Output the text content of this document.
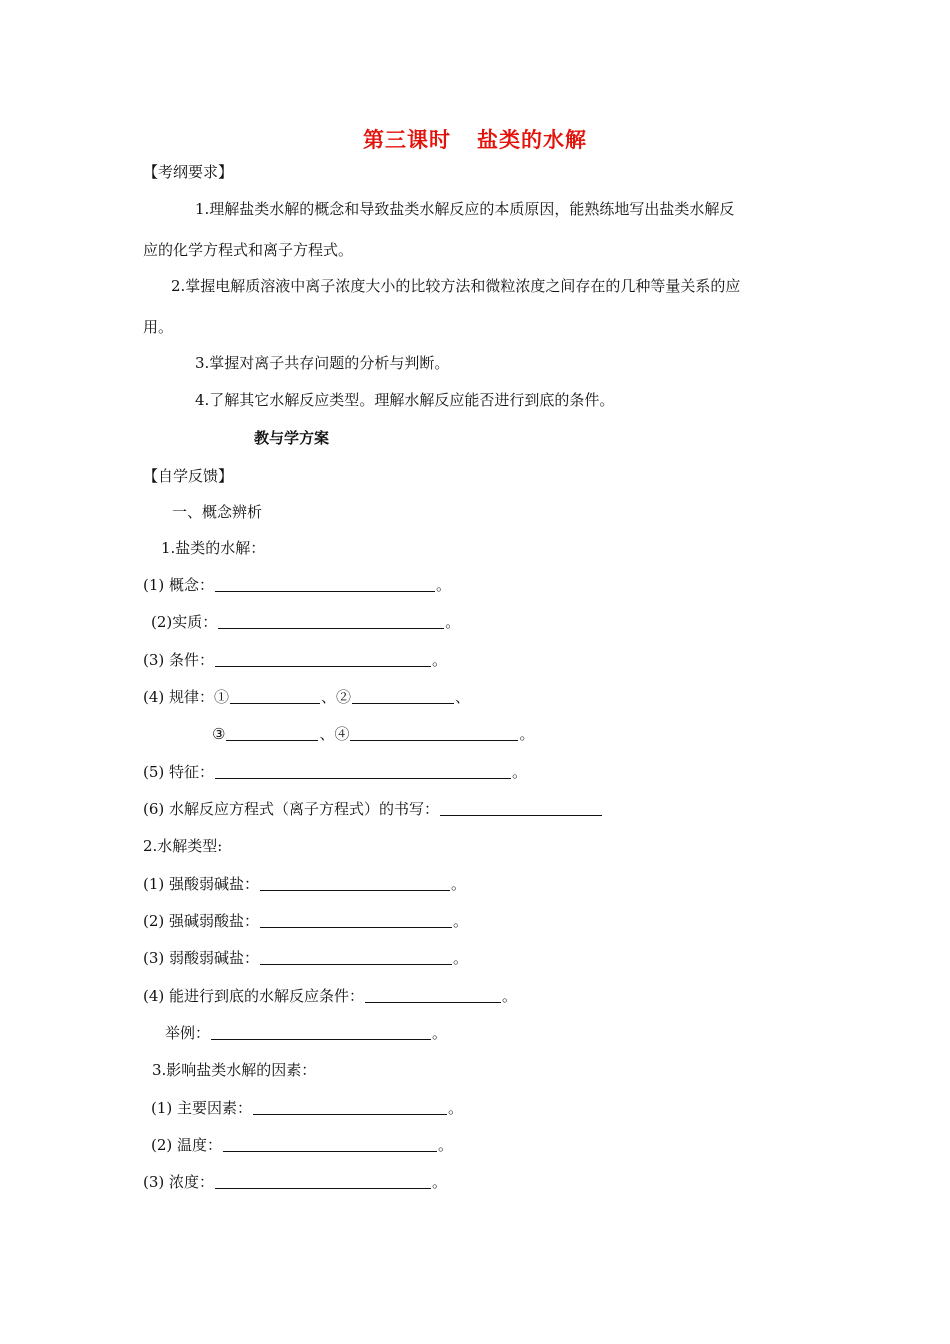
第三课时 盐类的水解
【考纲要求】
1.理解盐类水解的概念和导致盐类水解反应的本质原因，能熟练地写出盐类水解反
应的化学方程式和离子方程式。
2.掌握电解质溶液中离子浓度大小的比较方法和微粒浓度之间存在的几种等量关系的应
用。
3.掌握对离子共存问题的分析与判断。
4.了解其它水解反应类型。理解水解反应能否进行到底的条件。
教与学方案
【自学反馈】
一、概念辨析
1.盐类的水解：
(1) 概念：	。
(2)实质：	。
(3) 条件：	。
(4) 规律：①	、②	、
③	、④	。
(5) 特征：	。
(6) 水解反应方程式（离子方程式）的书写：
2.水解类型:
(1) 强酸弱碱盐：	。
(2) 强碱弱酸盐：	。
(3) 弱酸弱碱盐：	。
(4) 能进行到底的水解反应条件：	。
举例：	。
3.影响盐类水解的因素：
(1) 主要因素：	。
(2) 温度：	。
(3) 浓度：	。
